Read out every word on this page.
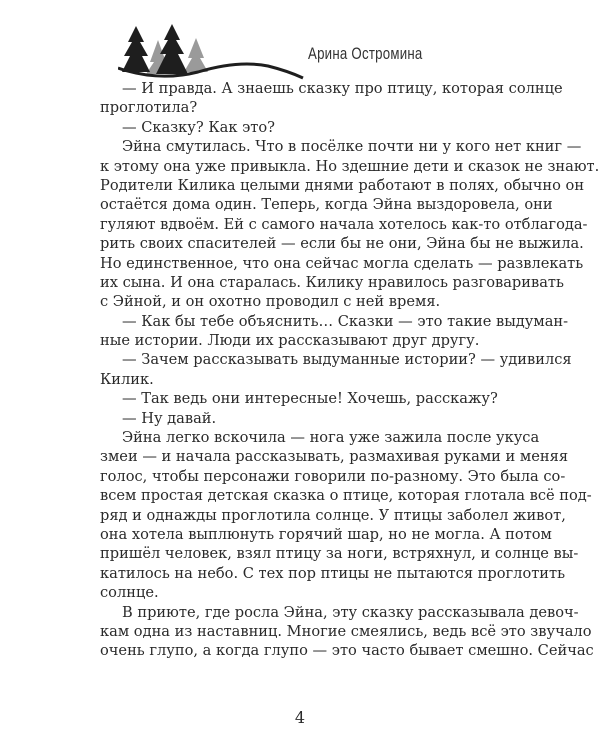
Арина Остромина
— И правда. А знаешь сказку про птицу, которая солнце
проглотила?
— Сказку? Как это?
Эйна смутилась. Что в посёлке почти ни у кого нет книг —
к этому она уже привыкла. Но здешние дети и сказок не знают.
Родители Килика целыми днями работают в полях, обычно он
остаётся дома один. Теперь, когда Эйна выздоровела, они
гуляют вдвоём. Ей с самого начала хотелось как-то отблагода-
рить своих спасителей — если бы не они, Эйна бы не выжила.
Но единственное, что она сейчас могла сделать — развлекать
их сына. И она старалась. Килику нравилось разговаривать
с Эйной, и он охотно проводил с ней время.
— Как бы тебе объяснить… Сказки — это такие выдуман-
ные истории. Люди их рассказывают друг другу.
— Зачем рассказывать выдуманные истории? — удивился
Килик.
— Так ведь они интересные! Хочешь, расскажу?
— Ну давай.
Эйна легко вскочила — нога уже зажила после укуса
змеи — и начала рассказывать, размахивая руками и меняя
голос, чтобы персонажи говорили по-разному. Это была со-
всем простая детская сказка о птице, которая глотала всё под-
ряд и однажды проглотила солнце. У птицы заболел живот,
она хотела выплюнуть горячий шар, но не могла. А потом
пришёл человек, взял птицу за ноги, встряхнул, и солнце вы-
катилось на небо. С тех пор птицы не пытаются проглотить
солнце.
В приюте, где росла Эйна, эту сказку рассказывала девоч-
кам одна из наставниц. Многие смеялись, ведь всё это звучало
очень глупо, а когда глупо — это часто бывает смешно. Сейчас
4
